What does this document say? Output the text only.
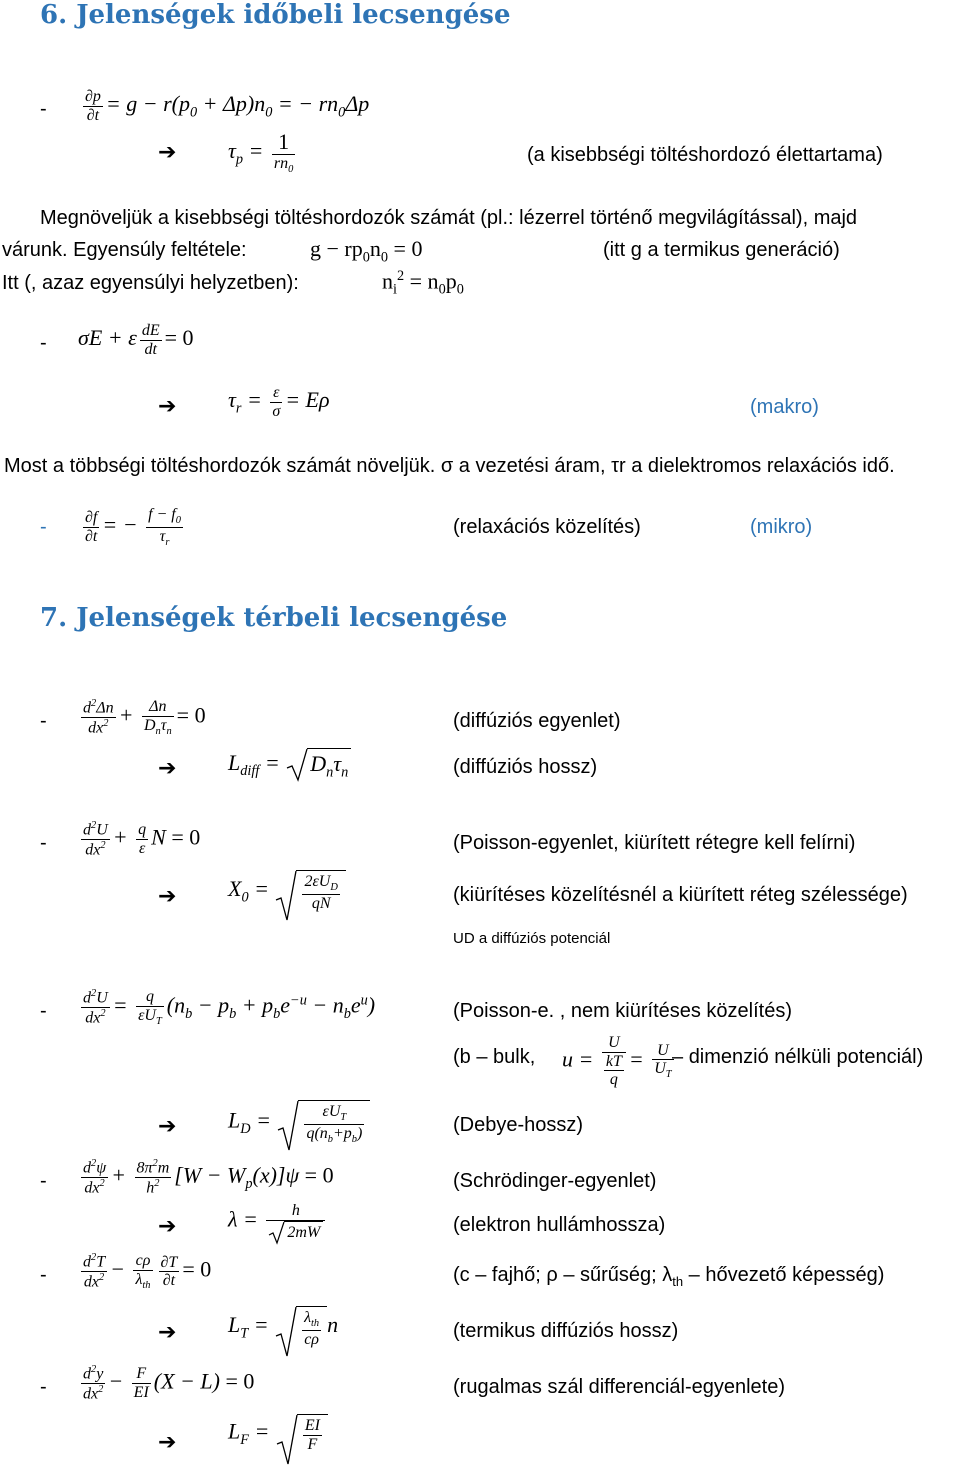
6. Jelenségek időbeli lecsengése
- $\frac{\partial p}{\partial t} = g - r(p_0 + \Delta p)n_0$ = − $rn_0\Delta p$
➔ $\tau_p = \frac{1}{rn_0}$	(a kisebbségi töltéshordozó élettartama)
Megnöveljük a kisebbségi töltéshordozók számát (pl.: lézerrel történő megvilágítással), majd
várunk. Egyensúly feltétele:	$g - rp_0n_0 = 0$	(itt g a termikus generáció)
Itt (, azaz egyensúlyi helyzetben):	$n_i^2 = n_0p_0$
- σE + ε $\frac{dE}{dt} = 0$
➔ $\tau_r = \frac{\varepsilon}{\sigma} = E\rho$	(makro)
Most a többségi töltéshordozók számát növeljük. σ a vezetési áram, τr a dielektromos relaxációs idő.
- $\frac{\partial f}{\partial t}$ = − $\frac{f - f_0}{\tau_r}$	(relaxációs közelítés)	(mikro)
7. Jelenségek térbeli lecsengése
- $\frac{d^2\Delta n}{dx^2} + \frac{\Delta n}{D_n\tau_n} = 0$	(diffúziós egyenlet)
➔ $L_{diff}$ =
$D_n\tau_n$	(diffúziós hossz)
- $\frac{d^2U}{dx^2} + \frac{q}{\varepsilon}$ N = 0	(Poisson-egyenlet, kiürített rétegre kell felírni)
➔ $X_0 = \frac{2\varepsilon U_D}{qN}$	(kiürítéses közelítésnél a kiürített réteg szélessége)
UD a diffúziós potenciál
- $\frac{d^2U}{dx^2} = \frac{q}{\varepsilon U_T} (n_b - p_b + p_be^{-u} - n_be^u)$	(Poisson-e. , nem kiürítéses közelítés)
(b – bulk, $u = \frac{U}{\frac{kT}{q}} = \frac{U}{U_T}$
– dimenzió nélküli potenciál)
➔ $L_D = \frac{\varepsilon U_T}{q(n_b+p_b)}$	(Debye-hossz)
- $\frac{d^2\psi}{dx^2} + \frac{8\pi^2m}{h^2} [W - W_p(x)]\psi = 0$	(Schrödinger-egyenlet)
➔ $\lambda = \frac{h}{2mW}$	(elektron hullámhossza)
- $\frac{d^2T}{dx^2} - \frac{c\rho}{\lambda_{th}} \frac{\partial T}{\partial t} = 0$	(c – fajhő; ρ – sűrűség; $\lambda_{th}$ – hővezető képesség)
➔ $L_T = \frac{\lambda_{th}}{c\rho}$ n	(termikus diffúziós hossz)
- $\frac{d^2y}{dx^2} - \frac{F}{EI} (X - L) = 0$	(rugalmas szál differenciál-egyenlete)
➔ $L_F = \frac{EI}{F}$
